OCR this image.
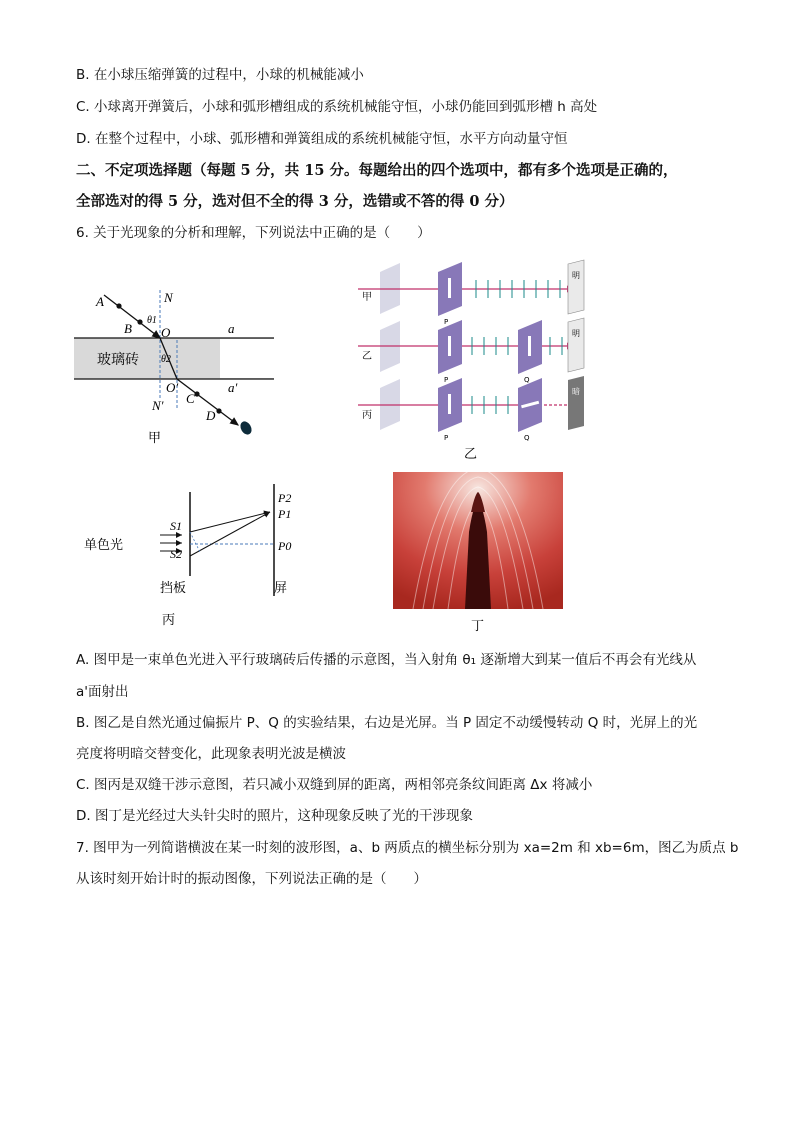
B. 在小球压缩弹簧的过程中，小球的机械能减小
C. 小球离开弹簧后，小球和弧形槽组成的系统机械能守恒，小球仍能回到弧形槽 h 高处
D. 在整个过程中，小球、弧形槽和弹簧组成的系统机械能守恒，水平方向动量守恒
二、不定项选择题（每题 5 分，共 15 分。每题给出的四个选项中，都有多个选项是正确的，
全部选对的得 5 分，选对但不全的得 3 分，选错或不答的得 0 分）
6. 关于光现象的分析和理解，下列说法中正确的是（　　）
A
B O
N
θ1
θ2
a
a′
O′
N′ C
D
玻璃砖
甲
甲
乙
丙
明
明
暗
P
P
P
Q
Q
乙
单色光
S1
S2
P2
P1
P0
挡板	屏
丙	丁
A. 图甲是一束单色光进入平行玻璃砖后传播的示意图，当入射角 θ₁ 逐渐增大到某一值后不再会有光线从
a'面射出
B. 图乙是自然光通过偏振片 P、Q 的实验结果，右边是光屏。当 P 固定不动缓慢转动 Q 时，光屏上的光
亮度将明暗交替变化，此现象表明光波是横波
C. 图丙是双缝干涉示意图，若只减小双缝到屏的距离，两相邻亮条纹间距离 Δx 将减小
D. 图丁是光经过大头针尖时的照片，这种现象反映了光的干涉现象
7. 图甲为一列简谐横波在某一时刻的波形图，a、b 两质点的横坐标分别为 xa=2m 和 xb=6m，图乙为质点 b
从该时刻开始计时的振动图像，下列说法正确的是（　　）
